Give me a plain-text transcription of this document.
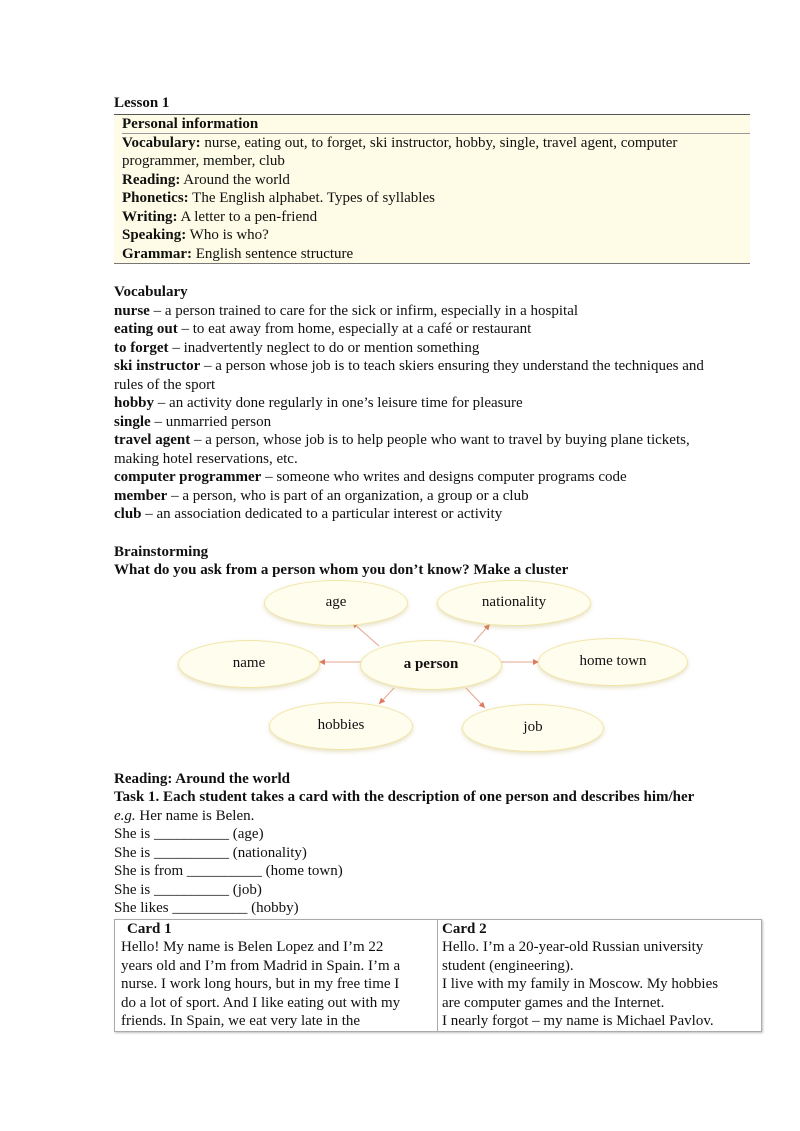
Lesson 1
Personal information
Vocabulary: nurse, eating out, to forget, ski instructor, hobby, single, travel agent, computer
programmer, member, club
Reading: Around the world
Phonetics: The English alphabet. Types of syllables
Writing: A letter to a pen-friend
Speaking: Who is who?
Grammar: English sentence structure
Vocabulary
nurse – a person trained to care for the sick or infirm, especially in a hospital
eating out – to eat away from home, especially at a café or restaurant
to forget – inadvertently neglect to do or mention something
ski instructor – a person whose job is to teach skiers ensuring they understand the techniques and
rules of the sport
hobby – an activity done regularly in one’s leisure time for pleasure
single – unmarried person
travel agent – a person, whose job is to help people who want to travel by buying plane tickets,
making hotel reservations, etc.
computer programmer – someone who writes and designs computer programs code
member – a person, who is part of an organization, a group or a club
club – an association dedicated to a particular interest or activity
Brainstorming
What do you ask from a person whom you don’t know? Make a cluster
age	nationality
name	a person	home town
hobbies	job
Reading: Around the world
Task 1. Each student takes a card with the description of one person and describes him/her
e.g. Her name is Belen.
She is __________ (age)
She is __________ (nationality)
She is from __________ (home town)
She is __________ (job)
She likes __________ (hobby)
Card 1
Hello! My name is Belen Lopez and I’m 22
years old and I’m from Madrid in Spain. I’m a
nurse. I work long hours, but in my free time I
do a lot of sport. And I like eating out with my
friends. In Spain, we eat very late in the

Card 2
Hello. I’m a 20-year-old Russian university
student (engineering).
I live with my family in Moscow. My hobbies
are computer games and the Internet.
I nearly forgot – my name is Michael Pavlov.
